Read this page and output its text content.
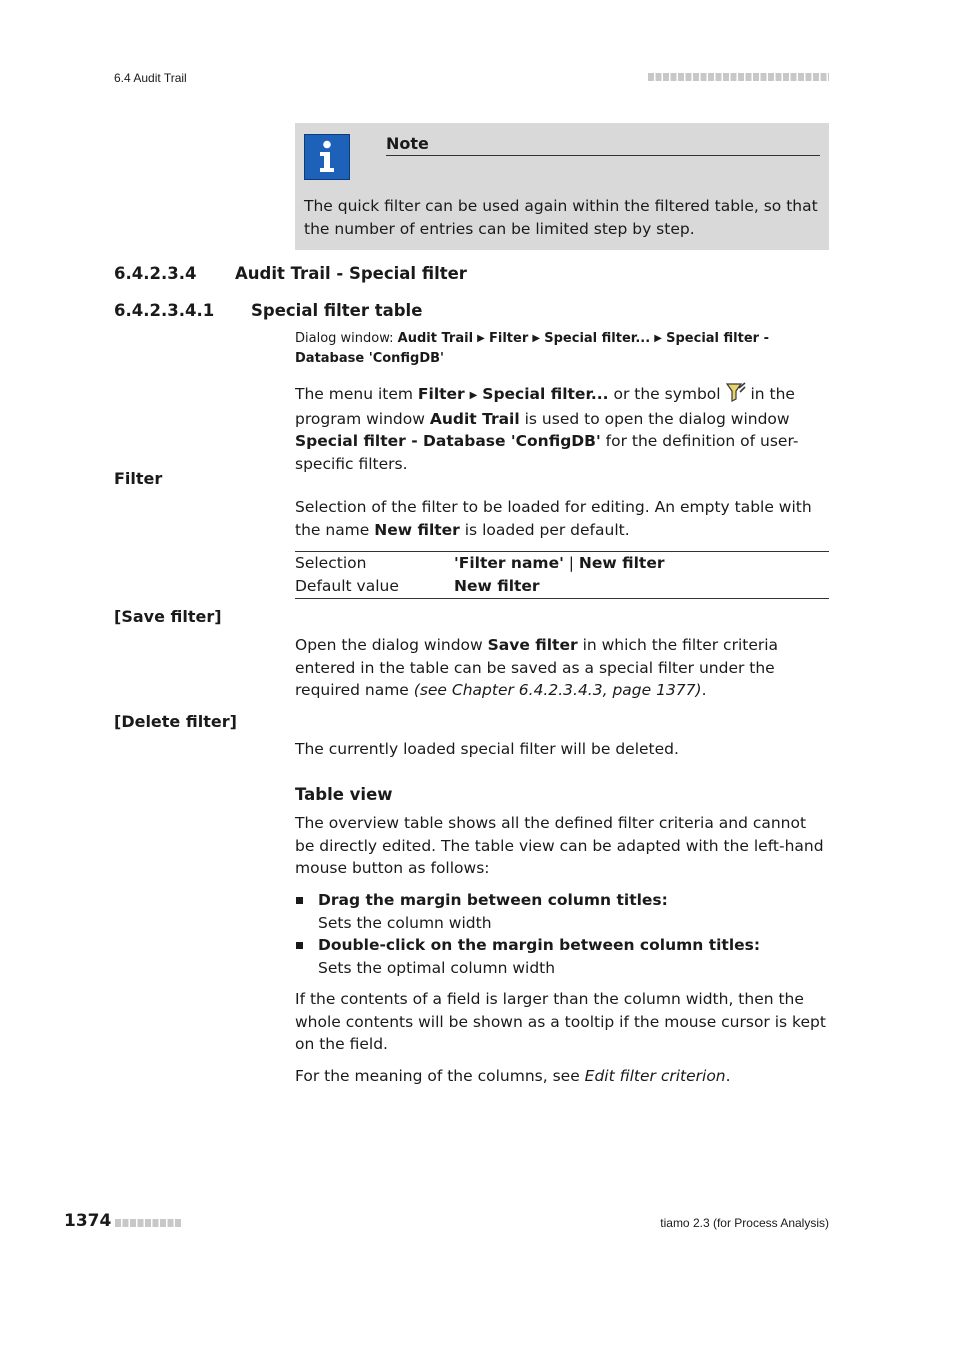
6.4 Audit Trail
Note
The quick filter can be used again within the filtered table, so that the number of entries can be limited step by step.
6.4.2.3.4 Audit Trail - Special filter
6.4.2.3.4.1 Special filter table
Dialog window: Audit Trail ▶ Filter ▶ Special filter... ▶ Special filter - Database 'ConfigDB'
The menu item Filter ▶ Special filter... or the symbol  in the program window Audit Trail is used to open the dialog window Special filter - Database 'ConfigDB' for the definition of user-specific filters.
Filter
Selection of the filter to be loaded for editing. An empty table with the name New filter is loaded per default.
Selection	'Filter name' | New filter
Default value	New filter
[Save filter]
Open the dialog window Save filter in which the filter criteria entered in the table can be saved as a special filter under the required name (see Chapter 6.4.2.3.4.3, page 1377).
[Delete filter]
The currently loaded special filter will be deleted.
Table view
The overview table shows all the defined filter criteria and cannot be directly edited. The table view can be adapted with the left-hand mouse button as follows:
Drag the margin between column titles:
Sets the column width
Double-click on the margin between column titles:
Sets the optimal column width
If the contents of a field is larger than the column width, then the whole contents will be shown as a tooltip if the mouse cursor is kept on the field.
For the meaning of the columns, see Edit filter criterion.
1374	tiamo 2.3 (for Process Analysis)
